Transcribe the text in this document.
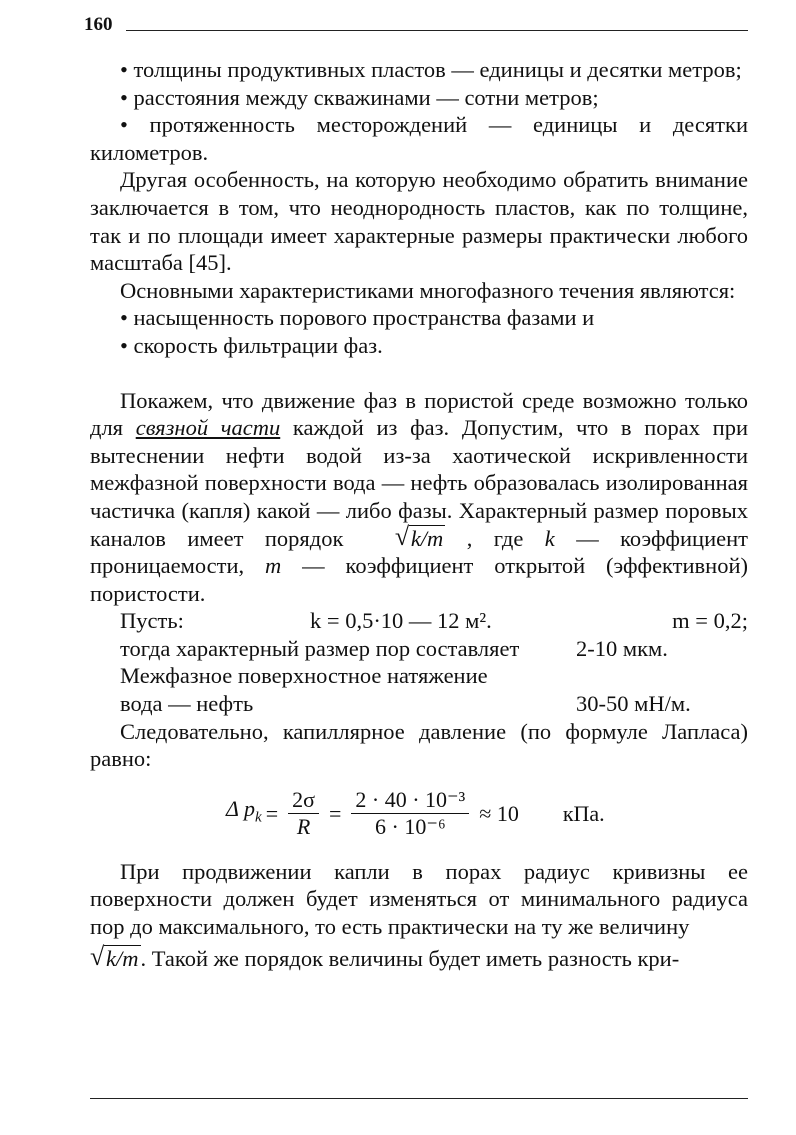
160

• толщины продуктивных пластов — единицы и десятки метров;

• расстояния между скважинами — сотни метров;

• протяженность месторождений — единицы и десятки километров.

Другая особенность, на которую необходимо обратить внимание заключается в том, что неоднородность пластов, как по толщине, так и по площади имеет характерные размеры практически любого масштаба [45].

Основными характеристиками многофазного течения являются:

• насыщенность порового пространства фазами и

• скорость фильтрации фаз.

Покажем, что движение фаз в пористой среде возможно только для связной части каждой из фаз. Допустим, что в порах при вытеснении нефти водой из-за хаотической искривленности межфазной поверхности вода — нефть образовалась изолированная частичка (капля) какой — либо фазы. Характерный размер поровых каналов имеет порядок	√ k/m , где k — коэффициент проницаемости, m — коэффициент открытой (эффективной) пористости.

Пусть:	k = 0,5·10 — 12 м².	m = 0,2;
тогда характерный размер пор составляет	2-10 мкм.
Межфазное поверхностное натяжение
вода — нефть	30-50 мН/м.

Следовательно, капиллярное давление (по формуле Лапласа) равно:

Δ $p_k = \frac{2\sigma}{R} = \frac{\text{2 · 40 · 10⁻³}}{\text{6 · 10⁻⁶}} \approx 10$ кПа.

При продвижении капли в порах радиус кривизны ее поверхности должен будет изменяться от минимального радиуса пор до максимального, то есть практически на ту же величину

√ k/m. Такой же порядок величины будет иметь разность кри-
